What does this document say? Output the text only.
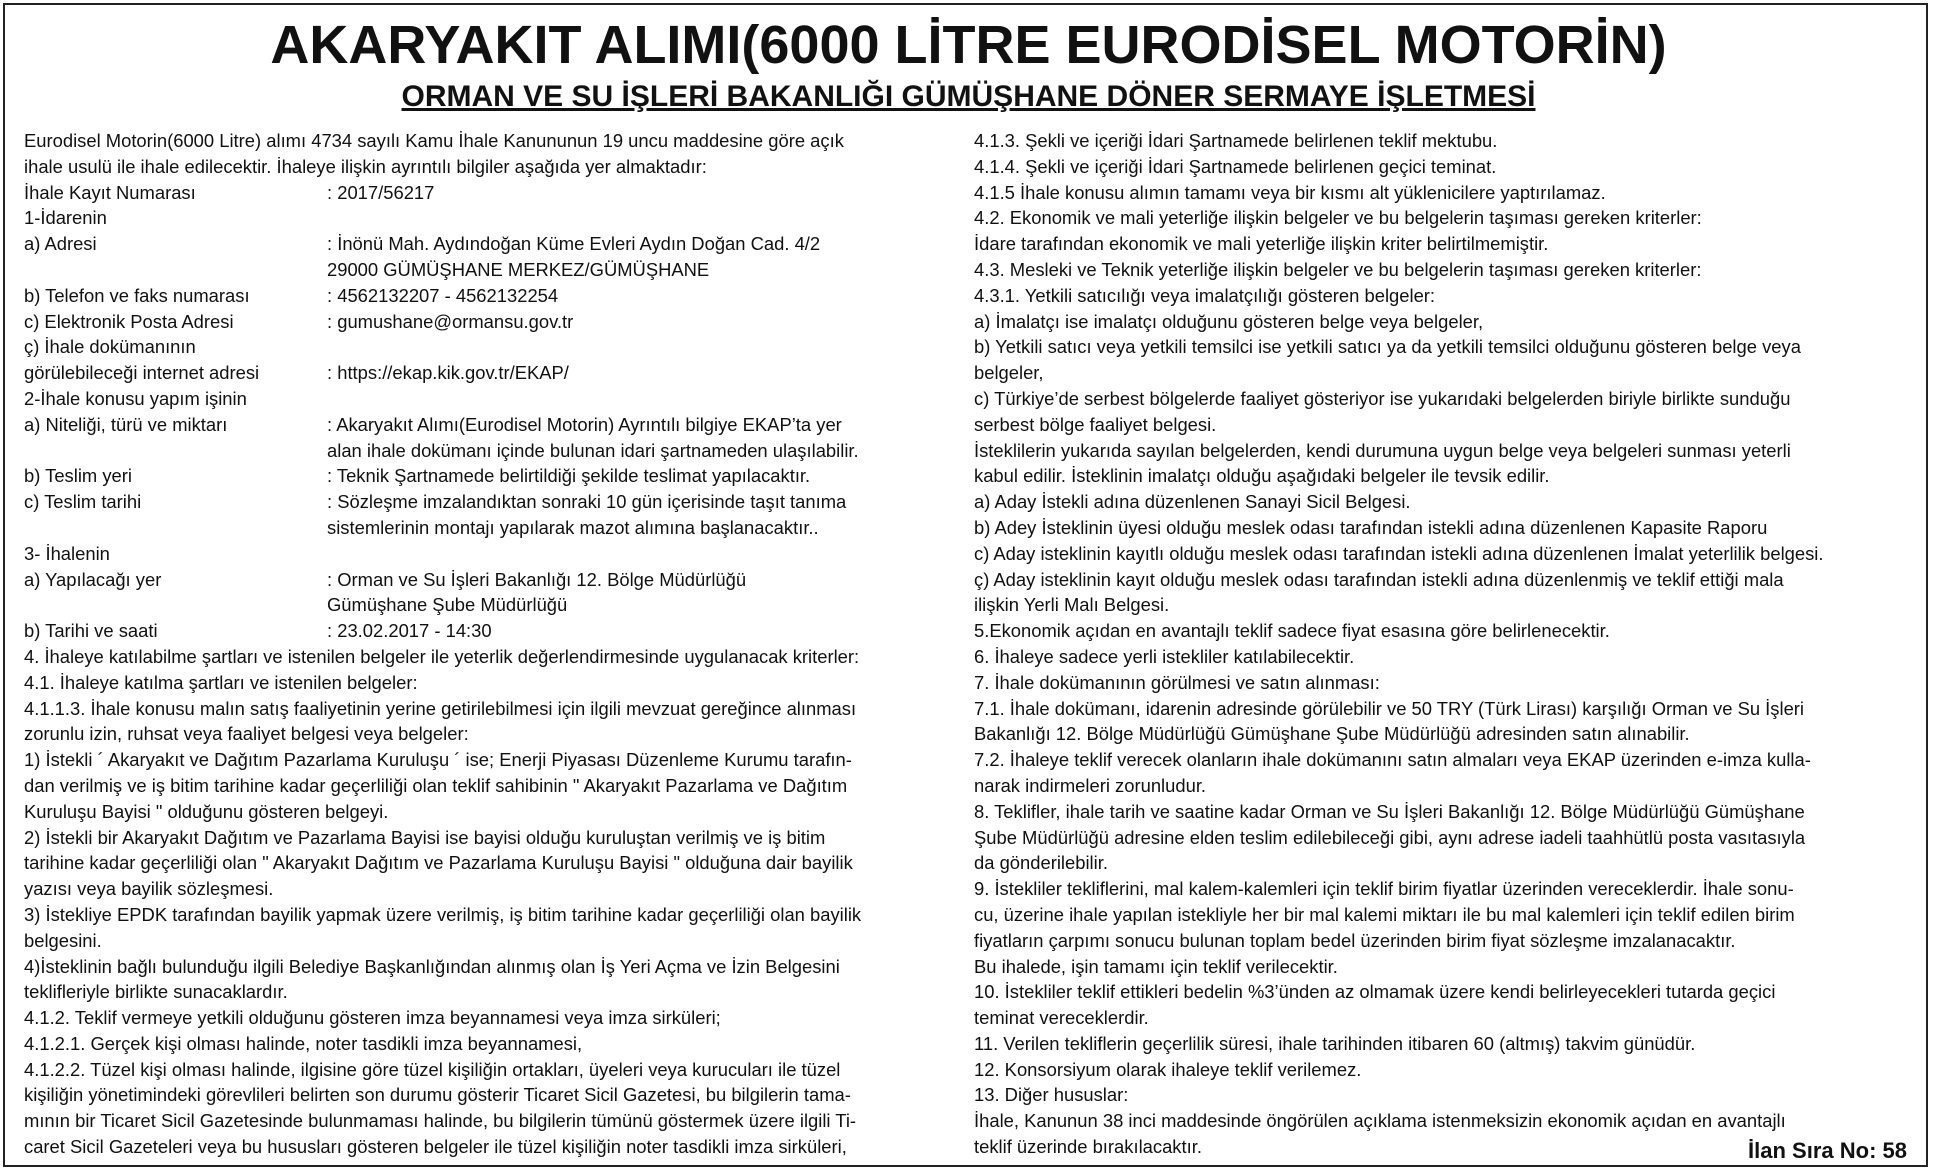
AKARYAKIT ALIMI(6000 LİTRE EURODİSEL MOTORİN)
ORMAN VE SU İŞLERİ BAKANLIĞI GÜMÜŞHANE DÖNER SERMAYE İŞLETMESİ

Eurodisel Motorin(6000 Litre) alımı 4734 sayılı Kamu İhale Kanununun 19 uncu maddesine göre açık

ihale usulü ile ihale edilecektir. İhaleye ilişkin ayrıntılı bilgiler aşağıda yer almaktadır:

İhale Kayıt Numarası	: 2017/56217

1-İdarenin

a) Adresi	: İnönü Mah. Aydındoğan Küme Evleri Aydın Doğan Cad. 4/2
29000 GÜMÜŞHANE MERKEZ/GÜMÜŞHANE
b) Telefon ve faks numarası	: 4562132207 - 4562132254
c) Elektronik Posta Adresi	: gumushane@ormansu.gov.tr

ç) İhale dokümanının

görülebileceği internet adresi	: https://ekap.kik.gov.tr/EKAP/

2-İhale konusu yapım işinin

a) Niteliği, türü ve miktarı	: Akaryakıt Alımı(Eurodisel Motorin) Ayrıntılı bilgiye EKAP’ta yer
alan ihale dokümanı içinde bulunan idari şartnameden ulaşılabilir.
b) Teslim yeri	: Teknik Şartnamede belirtildiği şekilde teslimat yapılacaktır.
c) Teslim tarihi	: Sözleşme imzalandıktan sonraki 10 gün içerisinde taşıt tanıma
sistemlerinin montajı yapılarak mazot alımına başlanacaktır..

3- İhalenin

a) Yapılacağı yer	: Orman ve Su İşleri Bakanlığı 12. Bölge Müdürlüğü
Gümüşhane Şube Müdürlüğü
b) Tarihi ve saati	: 23.02.2017 - 14:30

4. İhaleye katılabilme şartları ve istenilen belgeler ile yeterlik değerlendirmesinde uygulanacak kriterler:

4.1. İhaleye katılma şartları ve istenilen belgeler:

4.1.1.3. İhale konusu malın satış faaliyetinin yerine getirilebilmesi için ilgili mevzuat gereğince alınması

zorunlu izin, ruhsat veya faaliyet belgesi veya belgeler:

1) İstekli ´ Akaryakıt ve Dağıtım Pazarlama Kuruluşu ´ ise; Enerji Piyasası Düzenleme Kurumu tarafın-

dan verilmiş ve iş bitim tarihine kadar geçerliliği olan teklif sahibinin " Akaryakıt Pazarlama ve Dağıtım

Kuruluşu Bayisi " olduğunu gösteren belgeyi.

2) İstekli bir Akaryakıt Dağıtım ve Pazarlama Bayisi ise bayisi olduğu kuruluştan verilmiş ve iş bitim

tarihine kadar geçerliliği olan " Akaryakıt Dağıtım ve Pazarlama Kuruluşu Bayisi " olduğuna dair bayilik

yazısı veya bayilik sözleşmesi.

3) İstekliye EPDK tarafından bayilik yapmak üzere verilmiş, iş bitim tarihine kadar geçerliliği olan bayilik

belgesini.

4)İsteklinin bağlı bulunduğu ilgili Belediye Başkanlığından alınmış olan İş Yeri Açma ve İzin Belgesini

teklifleriyle birlikte sunacaklardır.

4.1.2. Teklif vermeye yetkili olduğunu gösteren imza beyannamesi veya imza sirküleri;

4.1.2.1. Gerçek kişi olması halinde, noter tasdikli imza beyannamesi,

4.1.2.2. Tüzel kişi olması halinde, ilgisine göre tüzel kişiliğin ortakları, üyeleri veya kurucuları ile tüzel

kişiliğin yönetimindeki görevlileri belirten son durumu gösterir Ticaret Sicil Gazetesi, bu bilgilerin tama-

mının bir Ticaret Sicil Gazetesinde bulunmaması halinde, bu bilgilerin tümünü göstermek üzere ilgili Ti-

caret Sicil Gazeteleri veya bu hususları gösteren belgeler ile tüzel kişiliğin noter tasdikli imza sirküleri,

4.1.3. Şekli ve içeriği İdari Şartnamede belirlenen teklif mektubu.

4.1.4. Şekli ve içeriği İdari Şartnamede belirlenen geçici teminat.

4.1.5 İhale konusu alımın tamamı veya bir kısmı alt yüklenicilere yaptırılamaz.

4.2. Ekonomik ve mali yeterliğe ilişkin belgeler ve bu belgelerin taşıması gereken kriterler:

İdare tarafından ekonomik ve mali yeterliğe ilişkin kriter belirtilmemiştir.

4.3. Mesleki ve Teknik yeterliğe ilişkin belgeler ve bu belgelerin taşıması gereken kriterler:

4.3.1. Yetkili satıcılığı veya imalatçılığı gösteren belgeler:

a) İmalatçı ise imalatçı olduğunu gösteren belge veya belgeler,

b) Yetkili satıcı veya yetkili temsilci ise yetkili satıcı ya da yetkili temsilci olduğunu gösteren belge veya

belgeler,

c) Türkiye’de serbest bölgelerde faaliyet gösteriyor ise yukarıdaki belgelerden biriyle birlikte sunduğu

serbest bölge faaliyet belgesi.

İsteklilerin yukarıda sayılan belgelerden, kendi durumuna uygun belge veya belgeleri sunması yeterli

kabul edilir. İsteklinin imalatçı olduğu aşağıdaki belgeler ile tevsik edilir.

a) Aday İstekli adına düzenlenen Sanayi Sicil Belgesi.

b) Adey İsteklinin üyesi olduğu meslek odası tarafından istekli adına düzenlenen Kapasite Raporu

c) Aday isteklinin kayıtlı olduğu meslek odası tarafından istekli adına düzenlenen İmalat yeterlilik belgesi.

ç) Aday isteklinin kayıt olduğu meslek odası tarafından istekli adına düzenlenmiş ve teklif ettiği mala

ilişkin Yerli Malı Belgesi.

5.Ekonomik açıdan en avantajlı teklif sadece fiyat esasına göre belirlenecektir.

6. İhaleye sadece yerli istekliler katılabilecektir.

7. İhale dokümanının görülmesi ve satın alınması:

7.1. İhale dokümanı, idarenin adresinde görülebilir ve 50 TRY (Türk Lirası) karşılığı Orman ve Su İşleri

Bakanlığı 12. Bölge Müdürlüğü Gümüşhane Şube Müdürlüğü adresinden satın alınabilir.

7.2. İhaleye teklif verecek olanların ihale dokümanını satın almaları veya EKAP üzerinden e-imza kulla-

narak indirmeleri zorunludur.

8. Teklifler, ihale tarih ve saatine kadar Orman ve Su İşleri Bakanlığı 12. Bölge Müdürlüğü Gümüşhane

Şube Müdürlüğü adresine elden teslim edilebileceği gibi, aynı adrese iadeli taahhütlü posta vasıtasıyla

da gönderilebilir.

9. İstekliler tekliflerini, mal kalem-kalemleri için teklif birim fiyatlar üzerinden vereceklerdir. İhale sonu-

cu, üzerine ihale yapılan istekliyle her bir mal kalemi miktarı ile bu mal kalemleri için teklif edilen birim

fiyatların çarpımı sonucu bulunan toplam bedel üzerinden birim fiyat sözleşme imzalanacaktır.

Bu ihalede, işin tamamı için teklif verilecektir.

10. İstekliler teklif ettikleri bedelin %3’ünden az olmamak üzere kendi belirleyecekleri tutarda geçici

teminat vereceklerdir.

11. Verilen tekliflerin geçerlilik süresi, ihale tarihinden itibaren 60 (altmış) takvim günüdür.

12. Konsorsiyum olarak ihaleye teklif verilemez.

13. Diğer hususlar:

İhale, Kanunun 38 inci maddesinde öngörülen açıklama istenmeksizin ekonomik açıdan en avantajlı

teklif üzerinde bırakılacaktır.	İlan Sıra No: 58
